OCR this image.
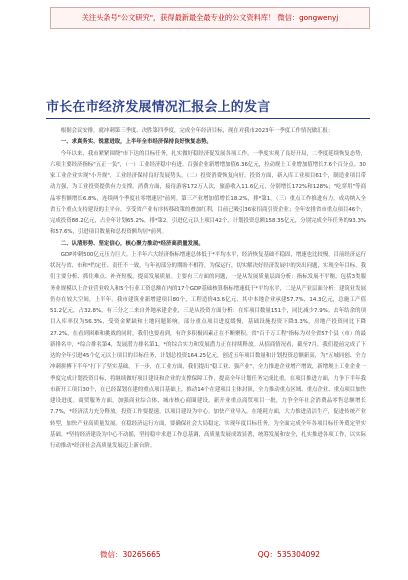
关注头条号"公文研究"，获得最新最全最专业的公文资料库！ 微信：gongwenyj
市长在市经济发展情况汇报会上的发言

根据会议安排，就冲刺第三季度、决胜第四季度，完成全年经济目标，现在对我市2023年一季度工作情况做汇报：

一、求真务实、锐意进取，上半年全市经济保持良好恢复态势。

今年以来，我市紧紧围绕"市下达的目标任务，扎实做好稳经济促发展各项工作，一季度实现了良好开局，二季度延续恢复态势，六项主要经济指标"五正一负"，（一）工业经济稳中有进。百强企业新增增加值6.36亿元，拉动规上工业增加值增长7.6个百分点。30家工业企业实现"小升规"，工业经济保持良好发展势头。（二）投资消费恢复向好。投资方面，新入库工业项目61个，制造业项目带动力强，为工业投资提供有力支撑。消费方面，接待游客172万人次，旅游收入11.6亿元，分别增长172%和128%；"吃穿用"等商品零售额增长6.8%，连续两个季度社零增速居"前列。第三产业增加值增长18.2%，排*第1。（三）重点工作推进有力。成功纳入全省五个重点支持建设的主平台，享受省产业有序转移政策的叠加红利，目前已吸引36家招商引资企业；全年安排省市重点项目46个，完成投资88.2亿元，占全年计划65.2%，排*第2。引进亿元以上项目42个，计划投资总额158.35亿元，分别完成全年任务的93.3%和57.6%，引进项目数量和总投资额均居*前列。

二、认清形势、坚定信心，核心聚力推动*经济高质量发展。

GDP冲刺500亿元压力巨大。上半年六大经济指标增速总体低于*平均水平，经济恢复基础不稳固，增速也比较慢。目前经济运行状况与省、市和*约定任、责任不一致，与年初部分的期盼不相符，为保运行，切实解决好经济发展中的突出问题，实现全年目标，我们主要分析、抓住难点、补齐短板，提高发展质量。主要有三方面的问题，一是从发展质量层面分析：指标发展不平衡，包括3类服务业规模以上企业营业收入和5个行业工资总额在内的17个GDP基础核算指标增速低于*平均水平，二是从产业层面分析：建筑业发展仍存在较大空间，上半年，我市建筑业新增建项目80个，工程造价43.6亿元，其中本地企业承建57.7%，14.3亿元，总施工产值51.2亿元，占32.8%，有三分之二来自外地承建企业，三是从投资方面分析：在库项目数量151个，同比减少7.9%；去年结余的项目入库率仅为56.3%，受资金紧缺和土地问题影响，部分重点项目进度缓慢，基础设施投资下降3.3%，房地产投资同比下降27.2%，在看到困难和挑战的同时，我们也要看到，有许多积极因素正在不断聚积。省"百千万工程"指标为对全省57个县（市）的最新排名中，*综合排名第4，发展潜力排名第1，*的综合实力和发展潜力正在持续释放。从招商情况看，截至7月，我们提前完成了下达的全年引进45个亿元以上项目的目标任务，计划总投资164.25亿元，创近五年项目数量和计划投资总额新高，为"五城同创、全力冲刺拼搏下半年"打下了坚实基础。下一步，在工业方面，我们提出"稳工业、强产业"，全力推进企业增产增效，新增规上工业企业一季度完成计划投资目标，将继续做好项目建设和企业的支撑保障工作，提高全年计划任务完成比重。在项目推进方面，力争下半年我市新开工项目30个，在已经谋划在建的重点项目基础上，推动14个在建项目主体封顶，全力推动重点区域、重点企业、重点项目加快建设进度。商贸服务方面，加强商业综合体、城市核心商圈建设，新开业重点商贸项目一批，力争全年社会消费品零售总额增长7.7%，*经济活力充分释放。投资工作要提速，以项目建设为中心，加快产业导入。在能耗方面，大力推进清洁生产，促进传统产业转型，加快产业高质量发展。在稳经济运行方面，要确保社会大局稳定，实现年度目标任务，为全面完成全年各项目标任务奠定坚实基础。*坚持经济建设为中心不动摇，坚持稳中求进工作总基调，高质量发展成效显著，统筹发展和安全，扎实推进各项工作，以实际行动推动*经济社会高质量发展迈上新台阶。

微信：30265665	QQ：535304092
